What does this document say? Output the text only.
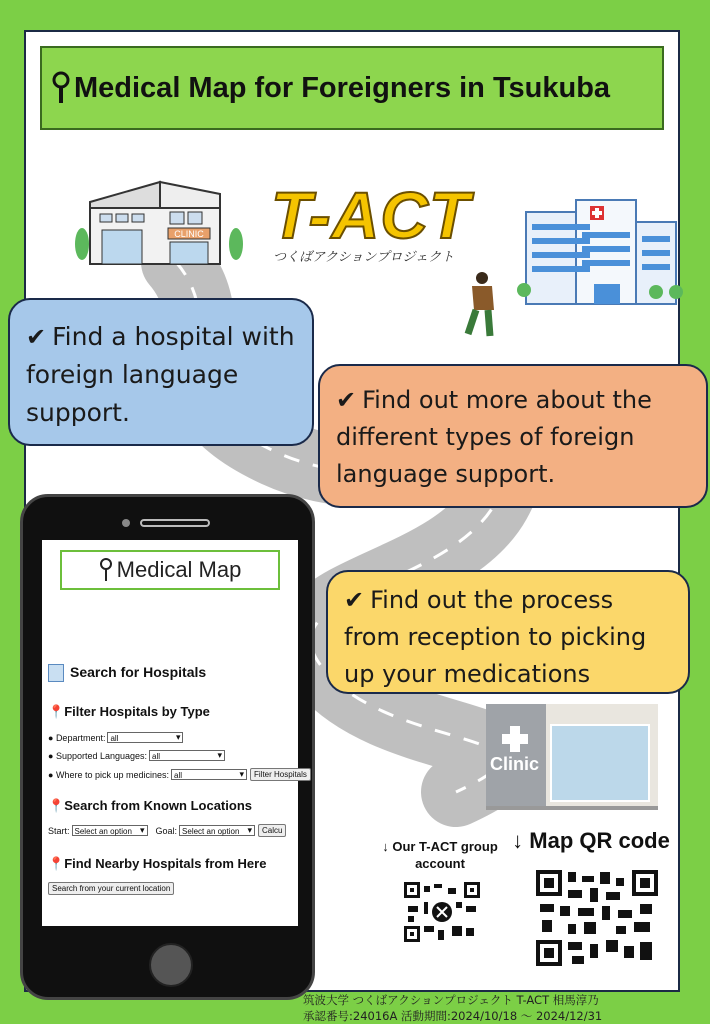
Medical Map for Foreigners in Tsukuba
CLINIC T-ACT
つくばアクションプロジェクト
Clinic
↓ Our T-ACT group account
↓ Map QR code
✔ Find a hospital with foreign language support.	✔ Find out more about the different types of foreign language support.
✔ Find out the process from reception to picking up your medications
Medical Map
Search for Hospitals
📍Filter Hospitals by Type
● Department: all ▾
● Supported Languages: all ▾
● Where to pick up medicines: all ▾	Filter Hospitals
📍Search from Known Locations
Start: Select an option ▾	Goal: Select an option ▾	Calcu
📍Find Nearby Hospitals from Here
Search from your current location
筑波大学 つくばアクションプロジェクト T-ACT 相馬淳乃
承認番号:24016A 活動期間:2024/10/18 ～ 2024/12/31
